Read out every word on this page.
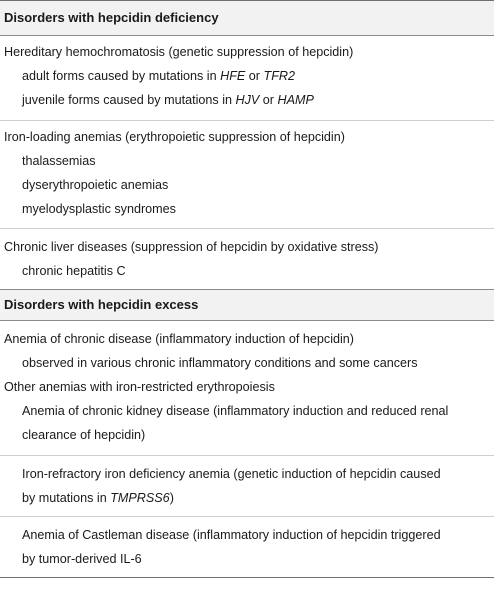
Disorders with hepcidin deficiency
Hereditary hemochromatosis (genetic suppression of hepcidin)
adult forms caused by mutations in HFE or TFR2
juvenile forms caused by mutations in HJV or HAMP
Iron-loading anemias (erythropoietic suppression of hepcidin)
thalassemias
dyserythropoietic anemias
myelodysplastic syndromes
Chronic liver diseases (suppression of hepcidin by oxidative stress)
chronic hepatitis C
Disorders with hepcidin excess
Anemia of chronic disease (inflammatory induction of hepcidin)
observed in various chronic inflammatory conditions and some cancers
Other anemias with iron-restricted erythropoiesis
Anemia of chronic kidney disease (inflammatory induction and reduced renal
clearance of hepcidin)
Iron-refractory iron deficiency anemia (genetic induction of hepcidin caused
by mutations in TMPRSS6)
Anemia of Castleman disease (inflammatory induction of hepcidin triggered
by tumor-derived IL-6
